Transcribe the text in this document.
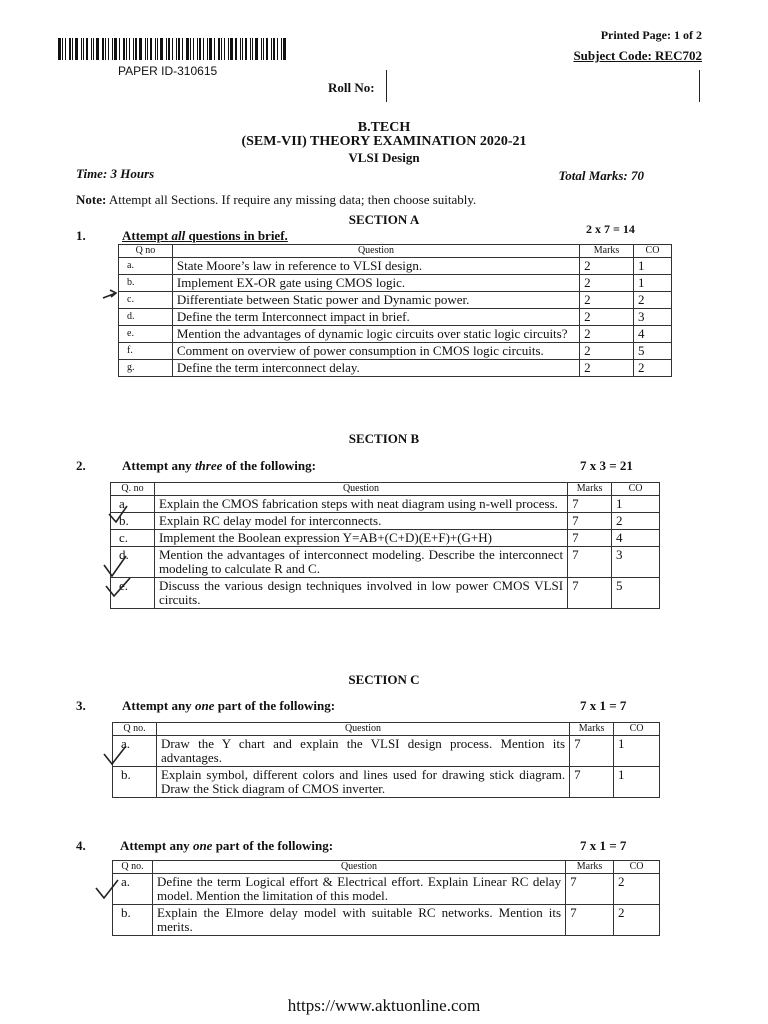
PAPER ID-310615
Printed Page: 1 of 2
Subject Code: REC702
Roll No:
B.TECH
(SEM-VII) THEORY EXAMINATION 2020-21
VLSI Design
Time: 3 Hours	Total Marks: 70
Note: Attempt all Sections. If require any missing data; then choose suitably.
SECTION A
1.	Attempt all questions in brief.	2 x 7 = 14
Q no	Question	Marks	CO
a.	State Moore’s law in reference to VLSI design.	2	1
b.	Implement EX-OR gate using CMOS logic.	2	1
c.	Differentiate between Static power and Dynamic power.	2	2
d.	Define the term Interconnect impact in brief.	2	3
e.	Mention the advantages of dynamic logic circuits over static logic circuits?	2	4
f.	Comment on overview of power consumption in CMOS logic circuits.	2	5
g.	Define the term interconnect delay.	2	2
SECTION B
2.	Attempt any three of the following:	7 x 3 = 21
Q. no	Question	Marks	CO
a.	Explain the CMOS fabrication steps with neat diagram using n-well process.	7	1
b.	Explain RC delay model for interconnects.	7	2
c.	Implement the Boolean expression Y=AB+(C+D)(E+F)+(G+H)	7	4
d.	Mention the advantages of interconnect modeling. Describe the interconnect modeling to calculate R and C.	7	3
e.	Discuss the various design techniques involved in low power CMOS VLSI circuits.	7	5
SECTION C
3.	Attempt any one part of the following:	7 x 1 = 7
Q no.	Question	Marks	CO
a.	Draw the Y chart and explain the VLSI design process. Mention its advantages.	7	1
b.	Explain symbol, different colors and lines used for drawing stick diagram. Draw the Stick diagram of CMOS inverter.	7	1
4.	Attempt any one part of the following:	7 x 1 = 7
Q no.	Question	Marks	CO
a.	Define the term Logical effort & Electrical effort. Explain Linear RC delay model. Mention the limitation of this model.	7	2
b.	Explain the Elmore delay model with suitable RC networks. Mention its merits.	7	2
https://www.aktuonline.com
